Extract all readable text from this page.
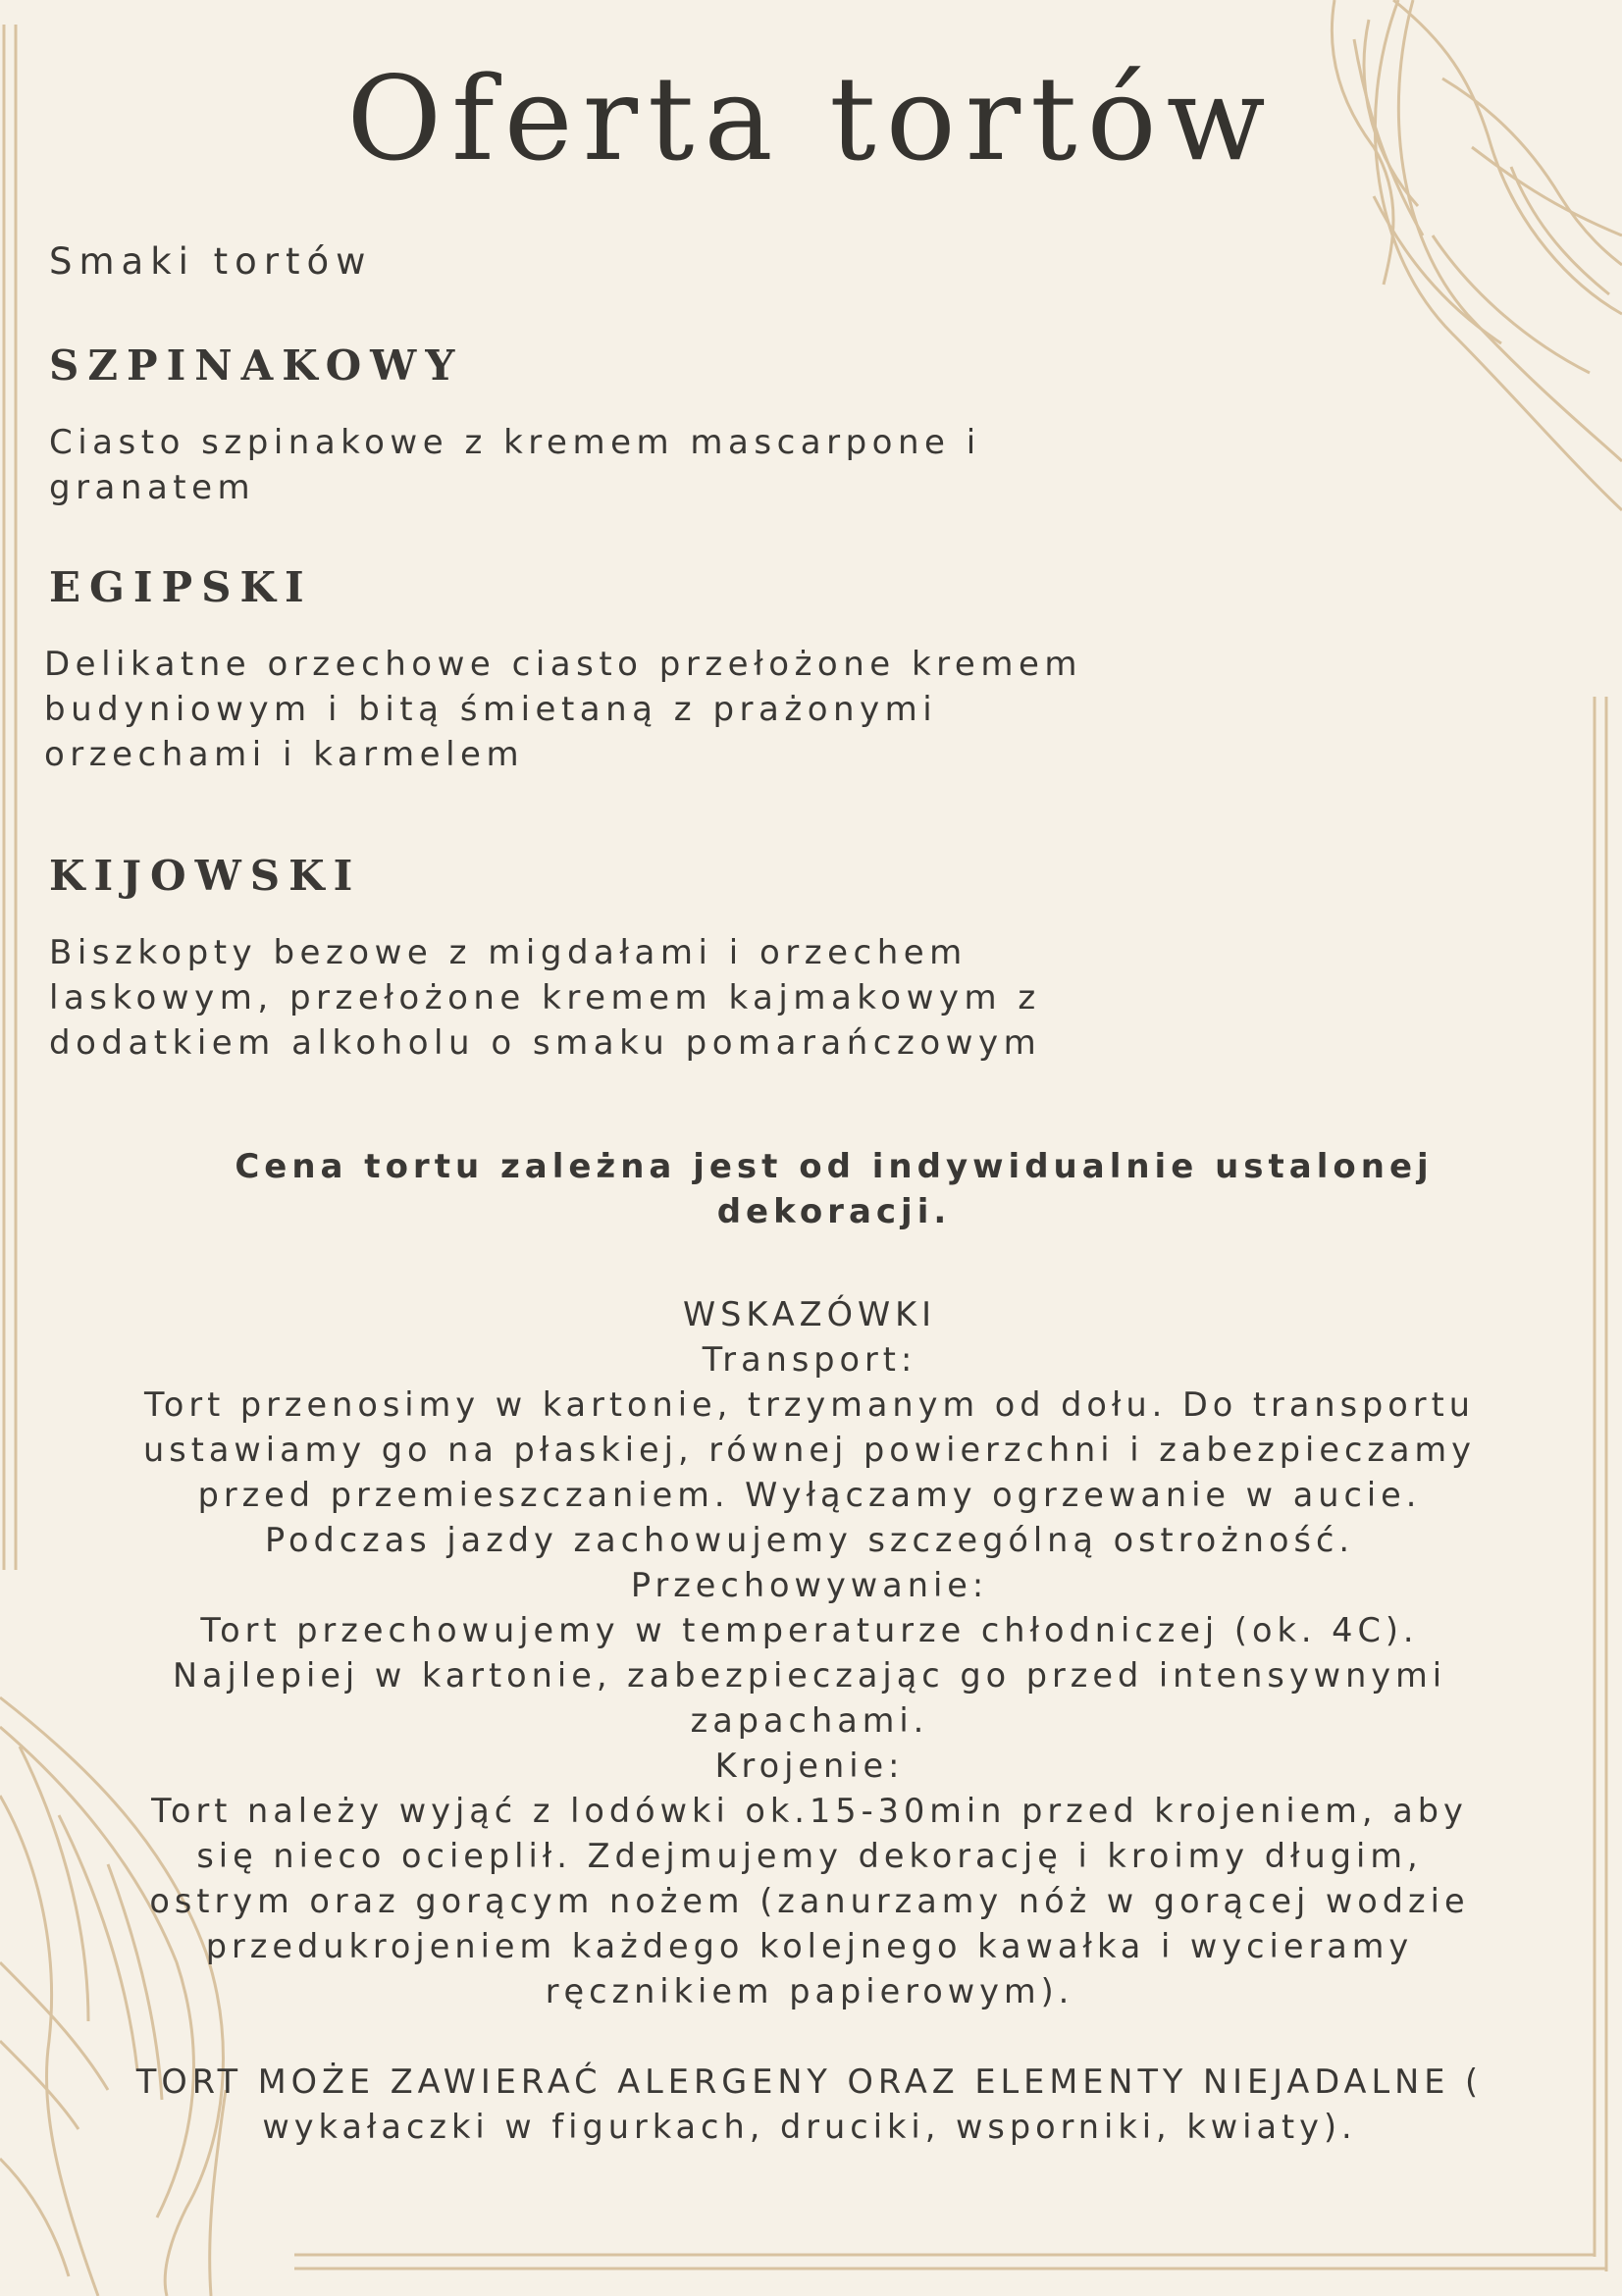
Oferta tortów
Smaki tortów
SZPINAKOWY

Ciasto szpinakowe z kremem mascarpone i granatem

EGIPSKI

Delikatne orzechowe ciasto przełożone kremem budyniowym i bitą śmietaną z prażonymi orzechami i karmelem

KIJOWSKI

Biszkopty bezowe z migdałami i orzechem laskowym, przełożone kremem kajmakowym z dodatkiem alkoholu o smaku pomarańczowym

Cena tortu zależna jest od indywidualnie ustalonej dekoracji.

WSKAZÓWKI

Transport:

Tort przenosimy w kartonie, trzymanym od dołu. Do transportu ustawiamy go na płaskiej, równej powierzchni i zabezpieczamy przed przemieszczaniem. Wyłączamy ogrzewanie w aucie. Podczas jazdy zachowujemy szczególną ostrożność.

Przechowywanie:

Tort przechowujemy w temperaturze chłodniczej (ok. 4C). Najlepiej w kartonie, zabezpieczając go przed intensywnymi zapachami.

Krojenie:

Tort należy wyjąć z lodówki ok.15-30min przed krojeniem, aby się nieco ocieplił. Zdejmujemy dekorację i kroimy długim, ostrym oraz gorącym nożem (zanurzamy nóż w gorącej wodzie przedukrojeniem każdego kolejnego kawałka i wycieramy ręcznikiem papierowym).

TORT MOŻE ZAWIERAĆ ALERGENY ORAZ ELEMENTY NIEJADALNE ( wykałaczki w figurkach, druciki, wsporniki, kwiaty).
